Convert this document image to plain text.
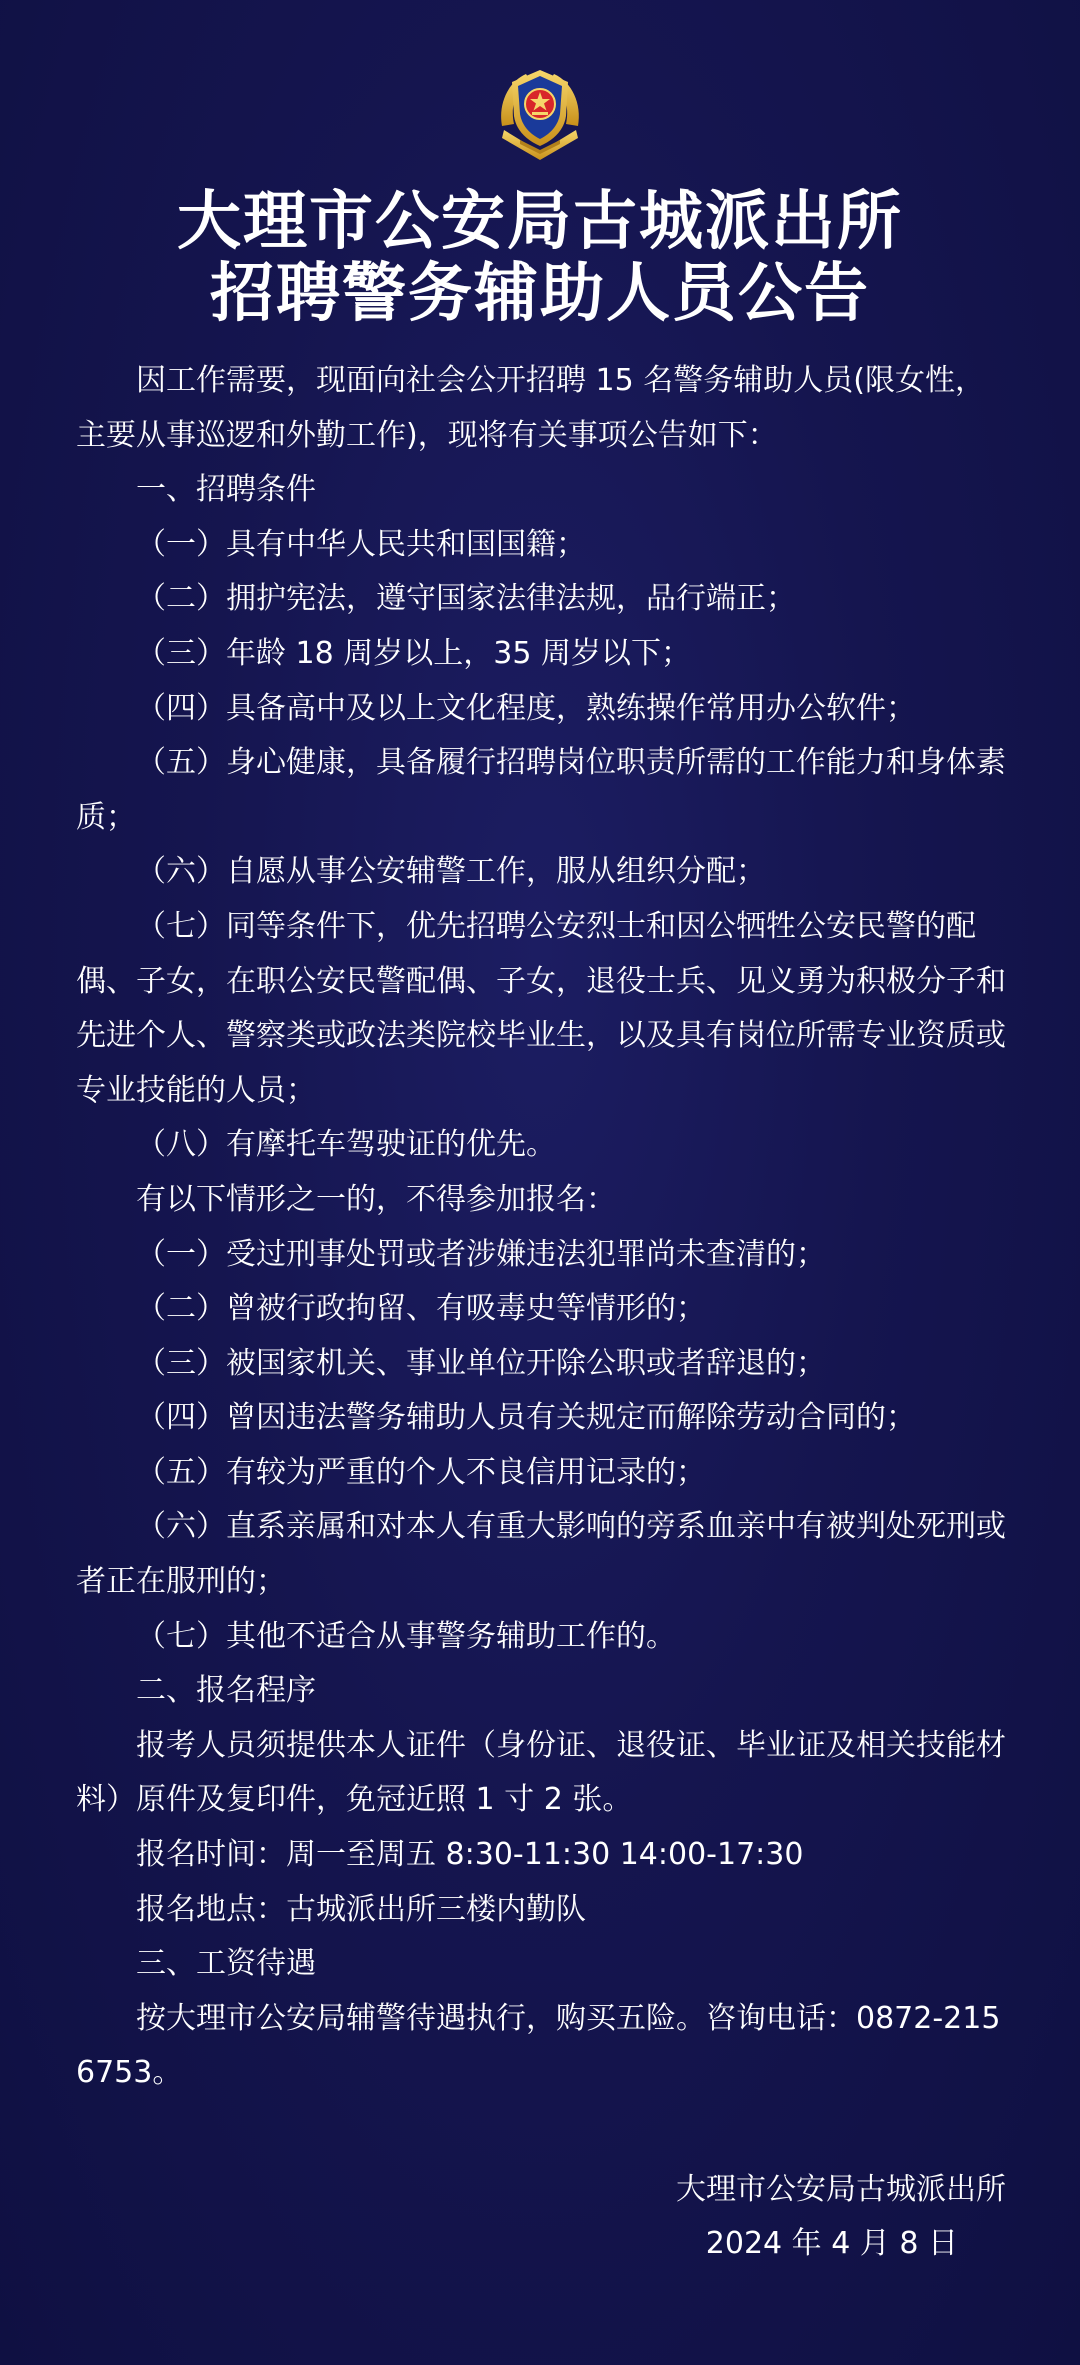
大理市公安局古城派出所
招聘警务辅助人员公告

因工作需要，现面向社会公开招聘 15 名警务辅助人员(限女性，主要从事巡逻和外勤工作)，现将有关事项公告如下：

一、招聘条件

（一）具有中华人民共和国国籍；

（二）拥护宪法，遵守国家法律法规，品行端正；

（三）年龄 18 周岁以上，35 周岁以下；

（四）具备高中及以上文化程度，熟练操作常用办公软件；

（五）身心健康，具备履行招聘岗位职责所需的工作能力和身体素质；

（六）自愿从事公安辅警工作，服从组织分配；

（七）同等条件下，优先招聘公安烈士和因公牺牲公安民警的配偶、子女，在职公安民警配偶、子女，退役士兵、见义勇为积极分子和先进个人、警察类或政法类院校毕业生，以及具有岗位所需专业资质或专业技能的人员；

（八）有摩托车驾驶证的优先。

有以下情形之一的，不得参加报名：

（一）受过刑事处罚或者涉嫌违法犯罪尚未查清的；

（二）曾被行政拘留、有吸毒史等情形的；

（三）被国家机关、事业单位开除公职或者辞退的；

（四）曾因违法警务辅助人员有关规定而解除劳动合同的；

（五）有较为严重的个人不良信用记录的；

（六）直系亲属和对本人有重大影响的旁系血亲中有被判处死刑或者正在服刑的；

（七）其他不适合从事警务辅助工作的。

二、报名程序

报考人员须提供本人证件（身份证、退役证、毕业证及相关技能材料）原件及复印件，免冠近照 1 寸 2 张。

报名时间：周一至周五 8:30-11:30 14:00-17:30

报名地点：古城派出所三楼内勤队

三、工资待遇

按大理市公安局辅警待遇执行，购买五险。咨询电话：0872-2156753。

大理市公安局古城派出所
2024 年 4 月 8 日
